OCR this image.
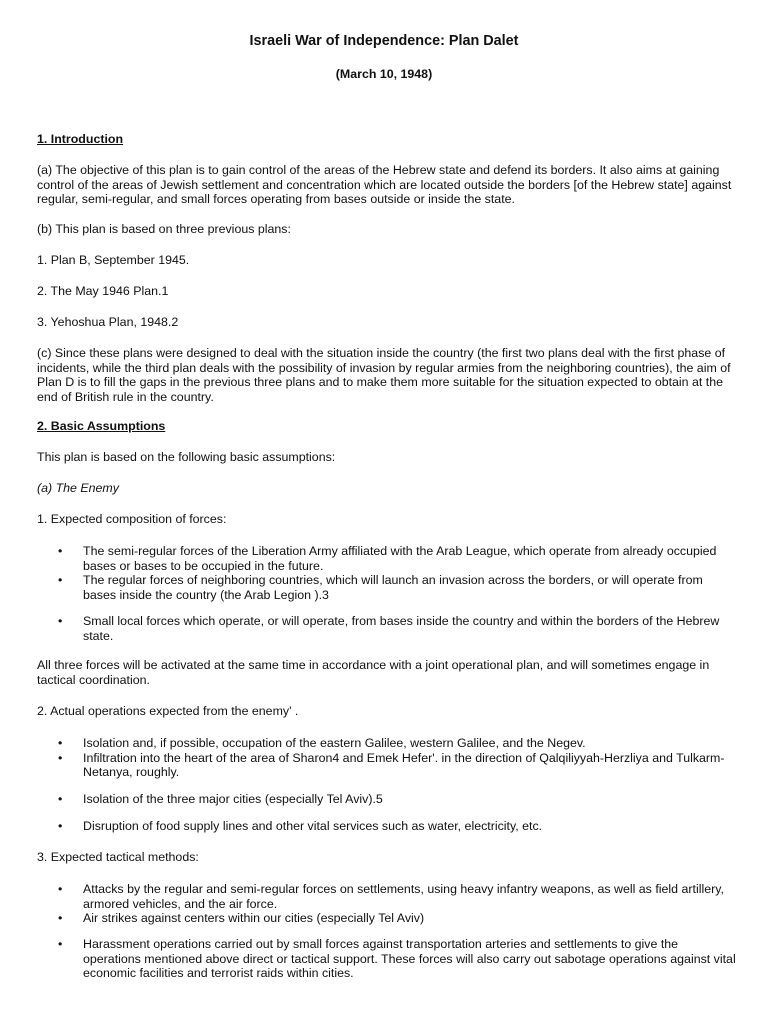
Israeli War of Independence: Plan Dalet
(March 10, 1948)

1. Introduction

(a) The objective of this plan is to gain control of the areas of the Hebrew state and defend its borders. It also aims at gaining control of the areas of Jewish settlement and concentration which are located outside the borders [of the Hebrew state] against regular, semi-regular, and small forces operating from bases outside or inside the state.

(b) This plan is based on three previous plans:

1. Plan B, September 1945.

2. The May 1946 Plan.1

3. Yehoshua Plan, 1948.2

(c) Since these plans were designed to deal with the situation inside the country (the first two plans deal with the first phase of incidents, while the third plan deals with the possibility of invasion by regular armies from the neighboring countries), the aim of Plan D is to fill the gaps in the previous three plans and to make them more suitable for the situation expected to obtain at the end of British rule in the country.

2. Basic Assumptions

This plan is based on the following basic assumptions:

(a) The Enemy

1. Expected composition of forces:

• The semi-regular forces of the Liberation Army affiliated with the Arab League, which operate from already occupied bases or bases to be occupied in the future.
• The regular forces of neighboring countries, which will launch an invasion across the borders, or will operate from bases inside the country (the Arab Legion ).3
• Small local forces which operate, or will operate, from bases inside the country and within the borders of the Hebrew state.

All three forces will be activated at the same time in accordance with a joint operational plan, and will sometimes engage in tactical coordination.

2. Actual operations expected from the enemy' .

• Isolation and, if possible, occupation of the eastern Galilee, western Galilee, and the Negev.
• Infiltration into the heart of the area of Sharon4 and Emek Hefer'. in the direction of Qalqiliyyah-Herzliya and Tulkarm-Netanya, roughly.
• Isolation of the three major cities (especially Tel Aviv).5
• Disruption of food supply lines and other vital services such as water, electricity, etc.

3. Expected tactical methods:

• Attacks by the regular and semi-regular forces on settlements, using heavy infantry weapons, as well as field artillery, armored vehicles, and the air force.
• Air strikes against centers within our cities (especially Tel Aviv)
• Harassment operations carried out by small forces against transportation arteries and settlements to give the operations mentioned above direct or tactical support. These forces will also carry out sabotage operations against vital economic facilities and terrorist raids within cities.
